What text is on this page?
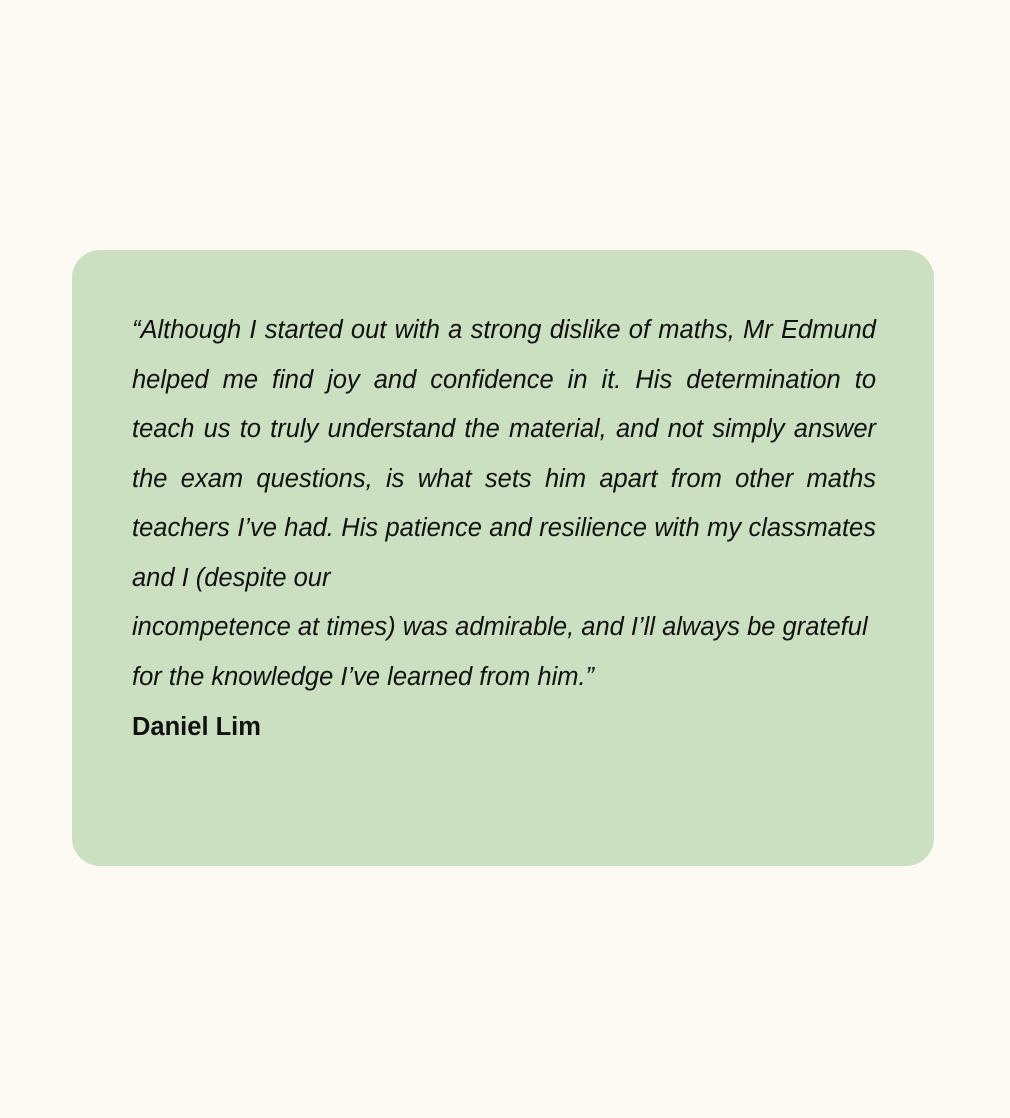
“Although I started out with a strong dislike of maths, Mr Edmund helped me find joy and confidence in it. His determination to teach us to truly understand the material, and not simply answer the exam questions, is what sets him apart from other maths teachers I’ve had. His patience and resilience with my classmates and I (despite our

incompetence at times) was admirable, and I’ll always be grateful for the knowledge I’ve learned from him.”

Daniel Lim
